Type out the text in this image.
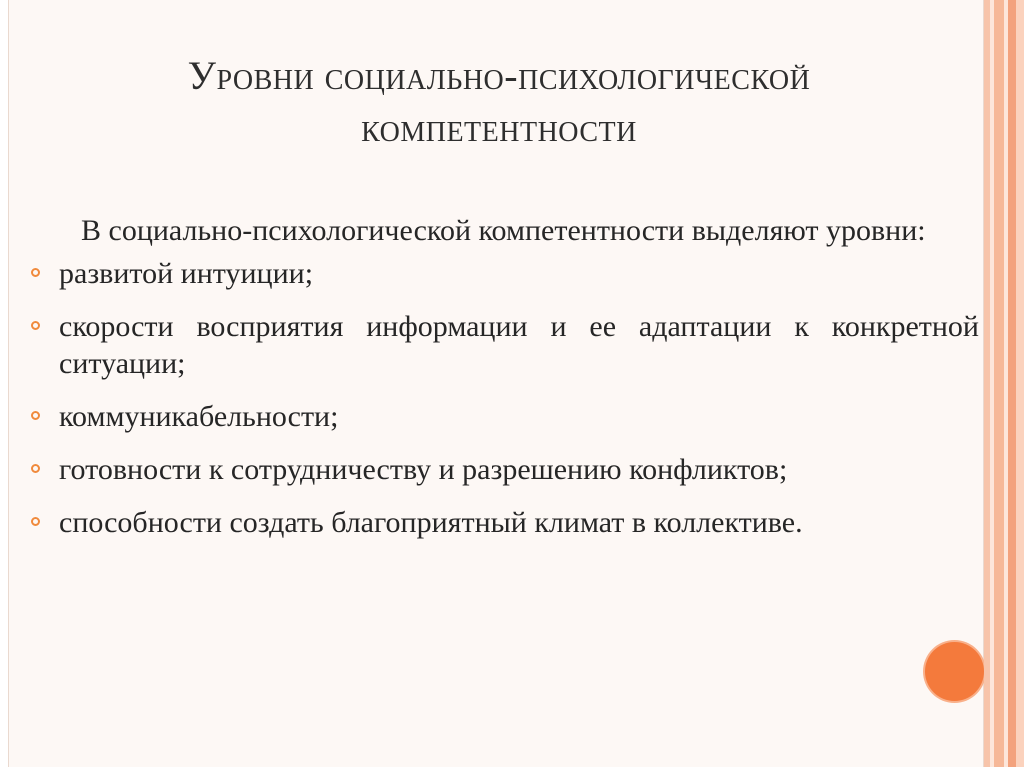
Уровни социально-психологической компетентности

В социально-психологической компетентности выделяют уровни:

развитой интуиции;
скорости восприятия информации и ее адаптации к конкретной ситуации;
коммуникабельности;
готовности к сотрудничеству и разрешению конфликтов;
способности создать благоприятный климат в коллективе.
